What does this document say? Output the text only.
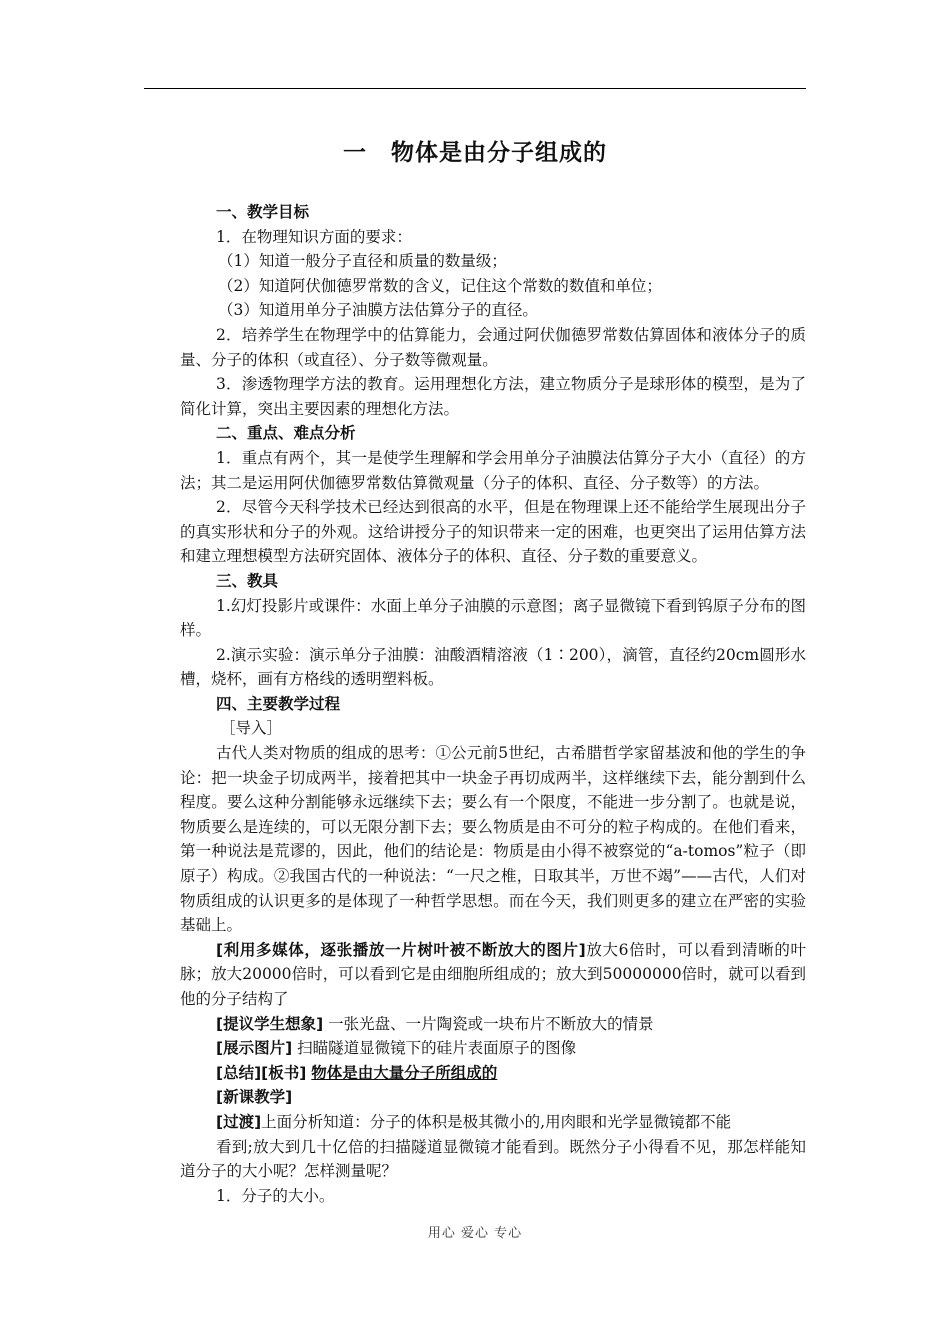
一　物体是由分子组成的

一、教学目标

1．在物理知识方面的要求：

（1）知道一般分子直径和质量的数量级；

（2）知道阿伏伽德罗常数的含义，记住这个常数的数值和单位；

（3）知道用单分子油膜方法估算分子的直径。

2．培养学生在物理学中的估算能力，会通过阿伏伽德罗常数估算固体和液体分子的质量、分子的体积（或直径）、分子数等微观量。

3．渗透物理学方法的教育。运用理想化方法，建立物质分子是球形体的模型，是为了简化计算，突出主要因素的理想化方法。

二、重点、难点分析

1．重点有两个，其一是使学生理解和学会用单分子油膜法估算分子大小（直径）的方法；其二是运用阿伏伽德罗常数估算微观量（分子的体积、直径、分子数等）的方法。

2．尽管今天科学技术已经达到很高的水平，但是在物理课上还不能给学生展现出分子的真实形状和分子的外观。这给讲授分子的知识带来一定的困难，也更突出了运用估算方法和建立理想模型方法研究固体、液体分子的体积、直径、分子数的重要意义。

三、教具

1.幻灯投影片或课件：水面上单分子油膜的示意图；离子显微镜下看到钨原子分布的图样。

2.演示实验：演示单分子油膜：油酸酒精溶液（1∶200），滴管，直径约20cm圆形水槽，烧杯，画有方格线的透明塑料板。

四、主要教学过程

［导入］

古代人类对物质的组成的思考：①公元前5世纪，古希腊哲学家留基波和他的学生的争论：把一块金子切成两半，接着把其中一块金子再切成两半，这样继续下去，能分割到什么程度。要么这种分割能够永远继续下去；要么有一个限度，不能进一步分割了。也就是说，物质要么是连续的，可以无限分割下去；要么物质是由不可分的粒子构成的。在他们看来，第一种说法是荒谬的，因此，他们的结论是：物质是由小得不被察觉的“a-tomos”粒子（即原子）构成。②我国古代的一种说法：“一尺之椎，日取其半，万世不竭”——古代，人们对物质组成的认识更多的是体现了一种哲学思想。而在今天，我们则更多的建立在严密的实验基础上。

[利用多媒体，逐张播放一片树叶被不断放大的图片]放大6倍时，可以看到清晰的叶脉；放大20000倍时，可以看到它是由细胞所组成的；放大到50000000倍时，就可以看到他的分子结构了

[提议学生想象] 一张光盘、一片陶瓷或一块布片不断放大的情景

[展示图片] 扫瞄隧道显微镜下的硅片表面原子的图像

[总结][板书] 物体是由大量分子所组成的

[新课教学]

[过渡]上面分析知道：分子的体积是极其微小的,用肉眼和光学显微镜都不能

看到;放大到几十亿倍的扫描隧道显微镜才能看到。既然分子小得看不见，那怎样能知道分子的大小呢？怎样测量呢？

1．分子的大小。

用心 爱心 专心
